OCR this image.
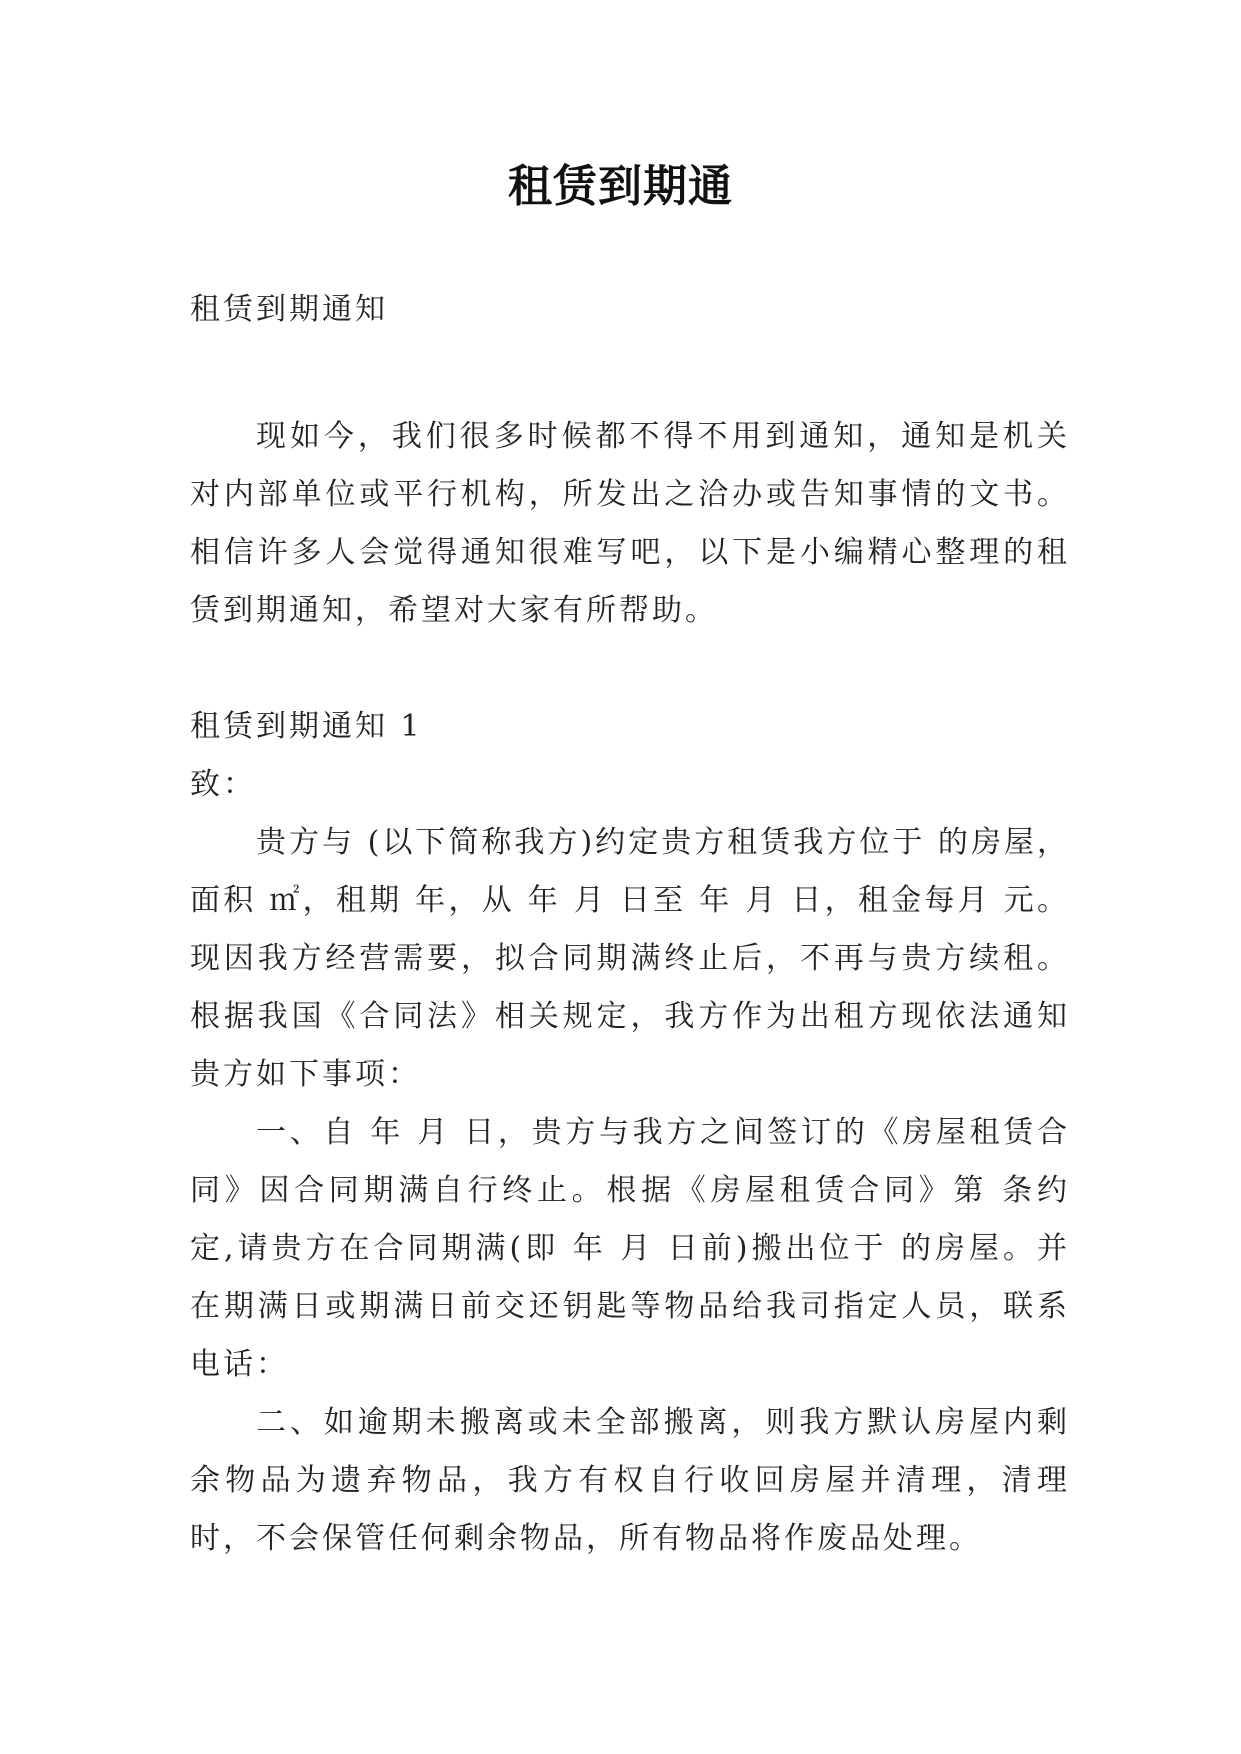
租赁到期通

租赁到期通知

现如今，我们很多时候都不得不用到通知，通知是机关对内部单位或平行机构，所发出之洽办或告知事情的文书。相信许多人会觉得通知很难写吧，以下是小编精心整理的租赁到期通知，希望对大家有所帮助。

租赁到期通知 1

致：

贵方与 (以下简称我方)约定贵方租赁我方位于 的房屋，面积 ㎡，租期 年，从 年 月 日至 年 月 日，租金每月 元。现因我方经营需要，拟合同期满终止后，不再与贵方续租。根据我国《合同法》相关规定，我方作为出租方现依法通知贵方如下事项：

一、自 年 月 日，贵方与我方之间签订的《房屋租赁合同》因合同期满自行终止。根据《房屋租赁合同》第 条约定,请贵方在合同期满(即 年 月 日前)搬出位于 的房屋。并在期满日或期满日前交还钥匙等物品给我司指定人员，联系电话：

二、如逾期未搬离或未全部搬离，则我方默认房屋内剩余物品为遗弃物品，我方有权自行收回房屋并清理，清理时，不会保管任何剩余物品，所有物品将作废品处理。
